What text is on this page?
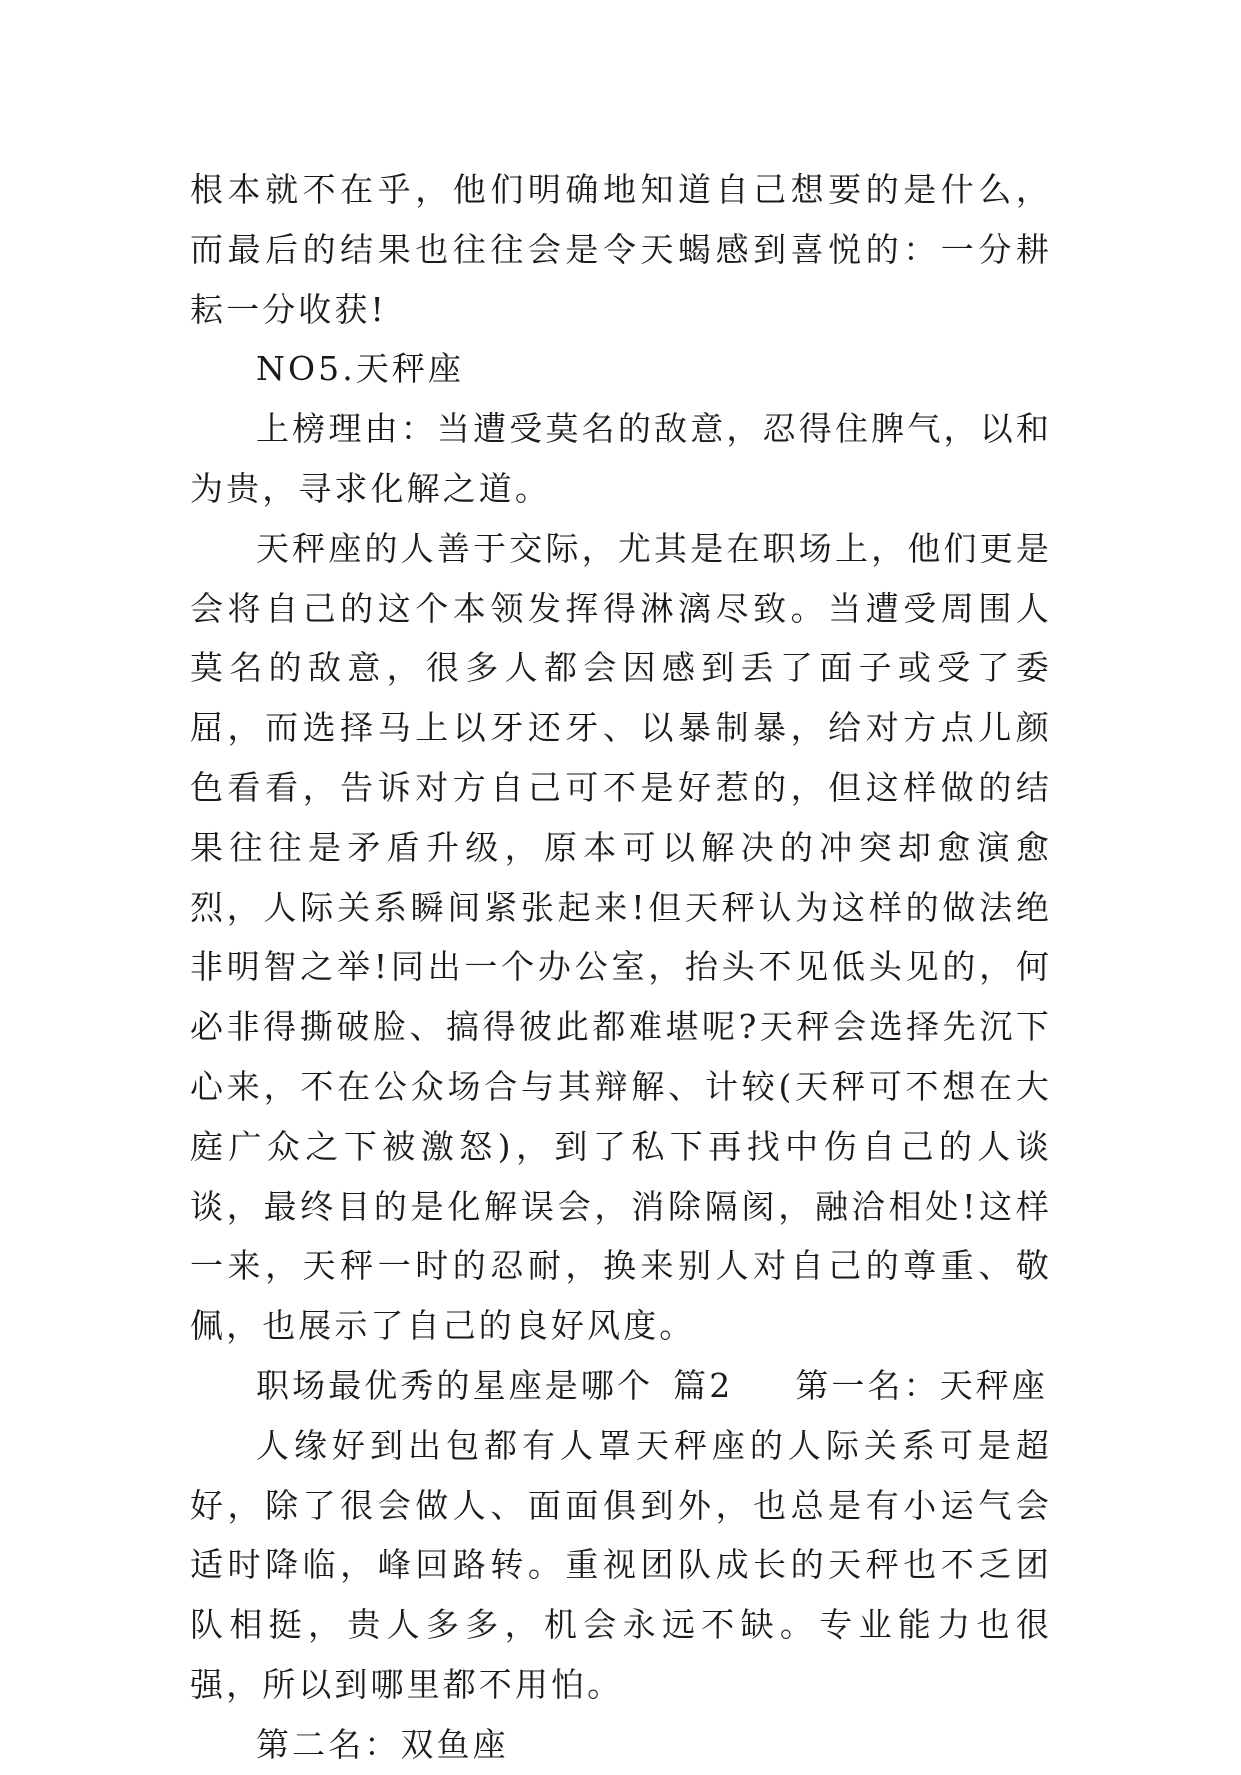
根本就不在乎，他们明确地知道自己想要的是什么，而最后的结果也往往会是令天蝎感到喜悦的：一分耕耘一分收获!

NO5.天秤座

上榜理由：当遭受莫名的敌意，忍得住脾气，以和为贵，寻求化解之道。

天秤座的人善于交际，尤其是在职场上，他们更是会将自己的这个本领发挥得淋漓尽致。当遭受周围人莫名的敌意，很多人都会因感到丢了面子或受了委屈，而选择马上以牙还牙、以暴制暴，给对方点儿颜色看看，告诉对方自己可不是好惹的，但这样做的结果往往是矛盾升级，原本可以解决的冲突却愈演愈烈，人际关系瞬间紧张起来!但天秤认为这样的做法绝非明智之举!同出一个办公室，抬头不见低头见的，何必非得撕破脸、搞得彼此都难堪呢?天秤会选择先沉下心来，不在公众场合与其辩解、计较(天秤可不想在大庭广众之下被激怒)，到了私下再找中伤自己的人谈谈，最终目的是化解误会，消除隔阂，融洽相处!这样一来，天秤一时的忍耐，换来别人对自己的尊重、敬佩，也展示了自己的良好风度。

职场最优秀的星座是哪个 篇2 第一名：天秤座

人缘好到出包都有人罩天秤座的人际关系可是超好，除了很会做人、面面俱到外，也总是有小运气会适时降临，峰回路转。重视团队成长的天秤也不乏团队相挺，贵人多多，机会永远不缺。专业能力也很强，所以到哪里都不用怕。

第二名：双鱼座
